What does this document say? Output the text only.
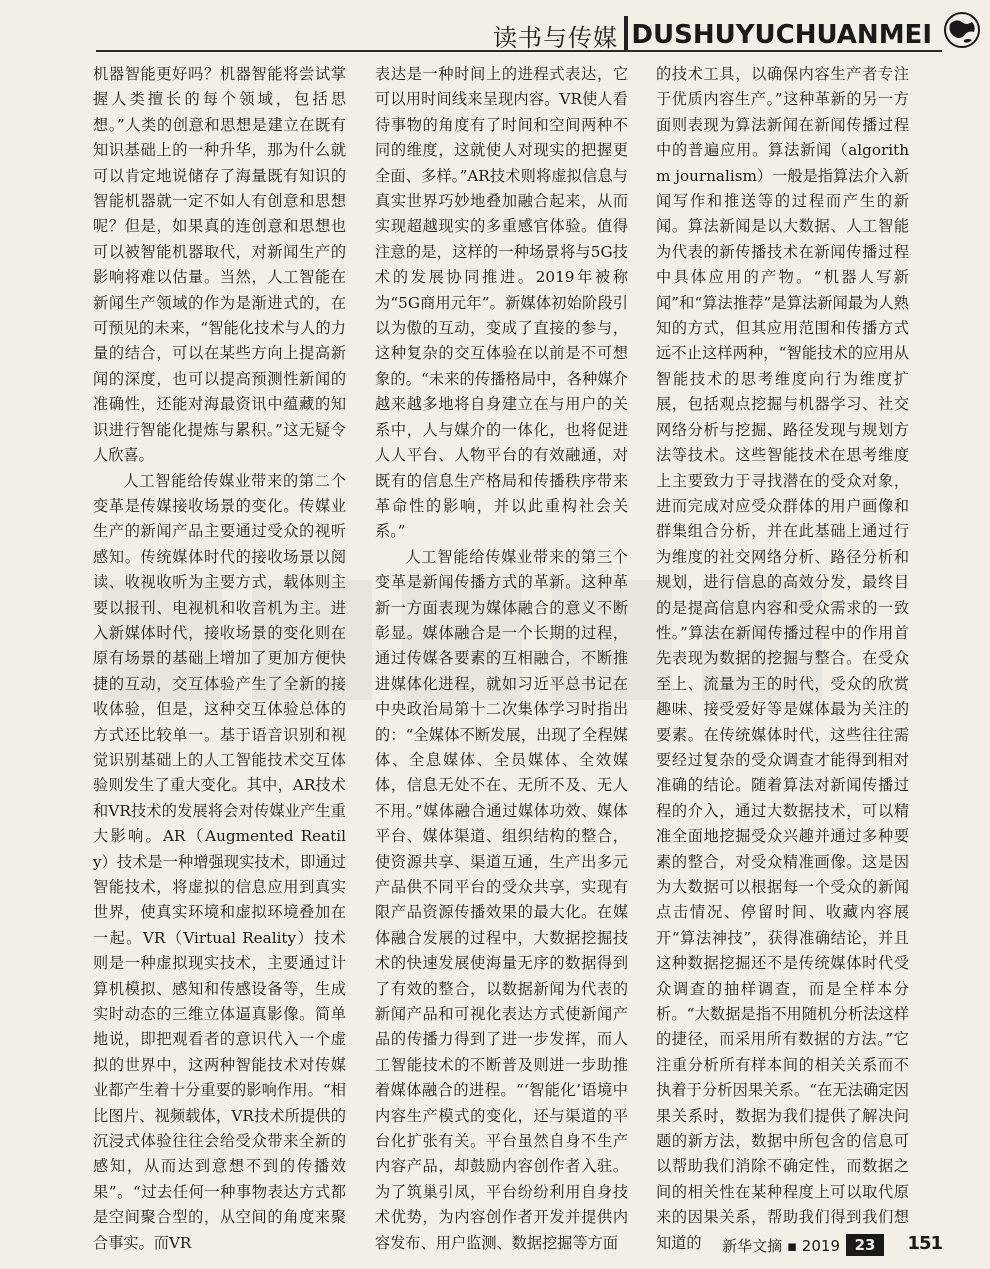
读书与传媒 DUSHUYUCHUANMEI

机器智能更好吗？机器智能将尝试掌握人类擅长的每个领域，包括思想。”人类的创意和思想是建立在既有知识基础上的一种升华，那为什么就可以肯定地说储存了海量既有知识的智能机器就一定不如人有创意和思想呢？但是，如果真的连创意和思想也可以被智能机器取代，对新闻生产的影响将难以估量。当然，人工智能在新闻生产领域的作为是渐进式的，在可预见的未来，“智能化技术与人的力量的结合，可以在某些方向上提高新闻的深度，也可以提高预测性新闻的准确性，还能对海最资讯中蕴藏的知识进行智能化提炼与累积。”这无疑令人欣喜。

人工智能给传媒业带来的第二个变革是传媒接收场景的变化。传媒业生产的新闻产品主要通过受众的视听感知。传统媒体时代的接收场景以阅读、收视收听为主要方式，载体则主要以报刊、电视机和收音机为主。进入新媒体时代，接收场景的变化则在原有场景的基础上增加了更加方便快捷的互动，交互体验产生了全新的接收体验，但是，这种交互体验总体的方式还比较单一。基于语音识别和视觉识别基础上的人工智能技术交互体验则发生了重大变化。其中，AR技术和VR技术的发展将会对传媒业产生重大影响。AR（Augmented Reatily）技术是一种增强现实技术，即通过智能技术，将虚拟的信息应用到真实世界，使真实环境和虚拟环境叠加在一起。VR（Virtual Reality）技术则是一种虚拟现实技术，主要通过计算机模拟、感知和传感设备等，生成实时动态的三维立体逼真影像。简单地说，即把观看者的意识代入一个虚拟的世界中，这两种智能技术对传媒业都产生着十分重要的影响作用。“相比图片、视频载体，VR技术所提供的沉浸式体验往往会给受众带来全新的感知，从而达到意想不到的传播效果”。“过去任何一种事物表达方式都是空间聚合型的，从空间的角度来聚合事实。而VR

表达是一种时间上的进程式表达，它可以用时间线来呈现内容。VR使人看待事物的角度有了时间和空间两种不同的维度，这就使人对现实的把握更全面、多样。”AR技术则将虚拟信息与真实世界巧妙地叠加融合起来，从而实现超越现实的多重感官体验。值得注意的是，这样的一种场景将与5G技术的发展协同推进。2019年被称为“5G商用元年”。新媒体初始阶段引以为傲的互动，变成了直接的参与，这种复杂的交互体验在以前是不可想象的。“未来的传播格局中，各种媒介越来越多地将自身建立在与用户的关系中，人与媒介的一体化，也将促进人人平台、人物平台的有效融通，对既有的信息生产格局和传播秩序带来革命性的影响，并以此重构社会关系。”

人工智能给传媒业带来的第三个变革是新闻传播方式的革新。这种革新一方面表现为媒体融合的意义不断彰显。媒体融合是一个长期的过程，通过传媒各要素的互相融合，不断推进媒体化进程，就如习近平总书记在中央政治局第十二次集体学习时指出的：“全媒体不断发展，出现了全程媒体、全息媒体、全员媒体、全效媒体，信息无处不在、无所不及、无人不用。”媒体融合通过媒体功效、媒体平台、媒体渠道、组织结构的整合，使资源共享、渠道互通，生产出多元产品供不同平台的受众共享，实现有限产品资源传播效果的最大化。在媒体融合发展的过程中，大数据挖掘技术的快速发展使海量无序的数据得到了有效的整合，以数据新闻为代表的新闻产品和可视化表达方式使新闻产品的传播力得到了进一步发挥，而人工智能技术的不断普及则进一步助推着媒体融合的进程。“‘智能化’语境中内容生产模式的变化，还与渠道的平台化扩张有关。平台虽然自身不生产内容产品，却鼓励内容创作者入驻。为了筑巢引凤，平台纷纷利用自身技术优势，为内容创作者开发并提供内容发布、用户监测、数据挖掘等方面

的技术工具，以确保内容生产者专注于优质内容生产。”这种革新的另一方面则表现为算法新闻在新闻传播过程中的普遍应用。算法新闻（algorithm journalism）一般是指算法介入新闻写作和推送等的过程而产生的新闻。算法新闻是以大数据、人工智能为代表的新传播技术在新闻传播过程中具体应用的产物。“机器人写新闻”和“算法推荐”是算法新闻最为人熟知的方式，但其应用范围和传播方式远不止这样两种，“智能技术的应用从智能技术的思考维度向行为维度扩展，包括观点挖掘与机器学习、社交网络分析与挖掘、路径发现与规划方法等技术。这些智能技术在思考维度上主要致力于寻找潜在的受众对象，进而完成对应受众群体的用户画像和群集组合分析，并在此基础上通过行为维度的社交网络分析、路径分析和规划，进行信息的高效分发，最终目的是提高信息内容和受众需求的一致性。”算法在新闻传播过程中的作用首先表现为数据的挖掘与整合。在受众至上、流量为王的时代，受众的欣赏趣味、接受爱好等是媒体最为关注的要素。在传统媒体时代，这些往往需要经过复杂的受众调查才能得到相对准确的结论。随着算法对新闻传播过程的介入，通过大数据技术，可以精准全面地挖掘受众兴趣并通过多种要素的整合，对受众精准画像。这是因为大数据可以根据每一个受众的新闻点击情况、停留时间、收藏内容展开“算法神技”，获得准确结论，并且这种数据挖掘还不是传统媒体时代受众调查的抽样调查，而是全样本分析。“大数据是指不用随机分析法这样的捷径，而采用所有数据的方法。”它注重分析所有样本间的相关关系而不执着于分析因果关系。“在无法确定因果关系时，数据为我们提供了解决问题的新方法，数据中所包含的信息可以帮助我们消除不确定性，而数据之间的相关性在某种程度上可以取代原来的因果关系，帮助我们得到我们想知道的	新华文摘 ▪ 2019 23	151
